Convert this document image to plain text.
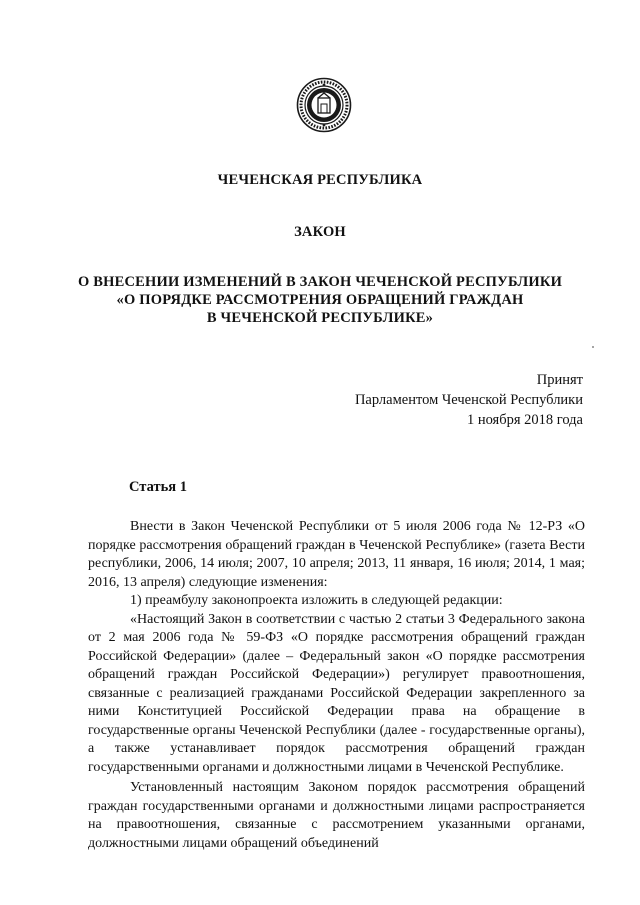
ЧЕЧЕНСКАЯ РЕСПУБЛИКА
ЗАКОН
О ВНЕСЕНИИ ИЗМЕНЕНИЙ В ЗАКОН ЧЕЧЕНСКОЙ РЕСПУБЛИКИ
«О ПОРЯДКЕ РАССМОТРЕНИЯ ОБРАЩЕНИЙ ГРАЖДАН
В ЧЕЧЕНСКОЙ РЕСПУБЛИКЕ»
Принят
Парламентом Чеченской Республики
1 ноября 2018 года
Статья 1

Внести в Закон Чеченской Республики от 5 июля 2006 года № 12-РЗ «О порядке рассмотрения обращений граждан в Чеченской Республике» (газета Вести республики, 2006, 14 июля; 2007, 10 апреля; 2013, 11 января, 16 июля; 2014, 1 мая; 2016, 13 апреля) следующие изменения:

1) преамбулу законопроекта изложить в следующей редакции:

«Настоящий Закон в соответствии с частью 2 статьи 3 Федерального закона от 2 мая 2006 года № 59-ФЗ «О порядке рассмотрения обращений граждан Российской Федерации» (далее – Федеральный закон «О порядке рассмотрения обращений граждан Российской Федерации») регулирует правоотношения, связанные с реализацией гражданами Российской Федерации закрепленного за ними Конституцией Российской Федерации права на обращение в государственные органы Чеченской Республики (далее - государственные органы), а также устанавливает порядок рассмотрения обращений граждан государственными органами и должностными лицами в Чеченской Республике.

Установленный настоящим Законом порядок рассмотрения обращений граждан государственными органами и должностными лицами распространяется на правоотношения, связанные с рассмотрением указанными органами, должностными лицами обращений объединений
